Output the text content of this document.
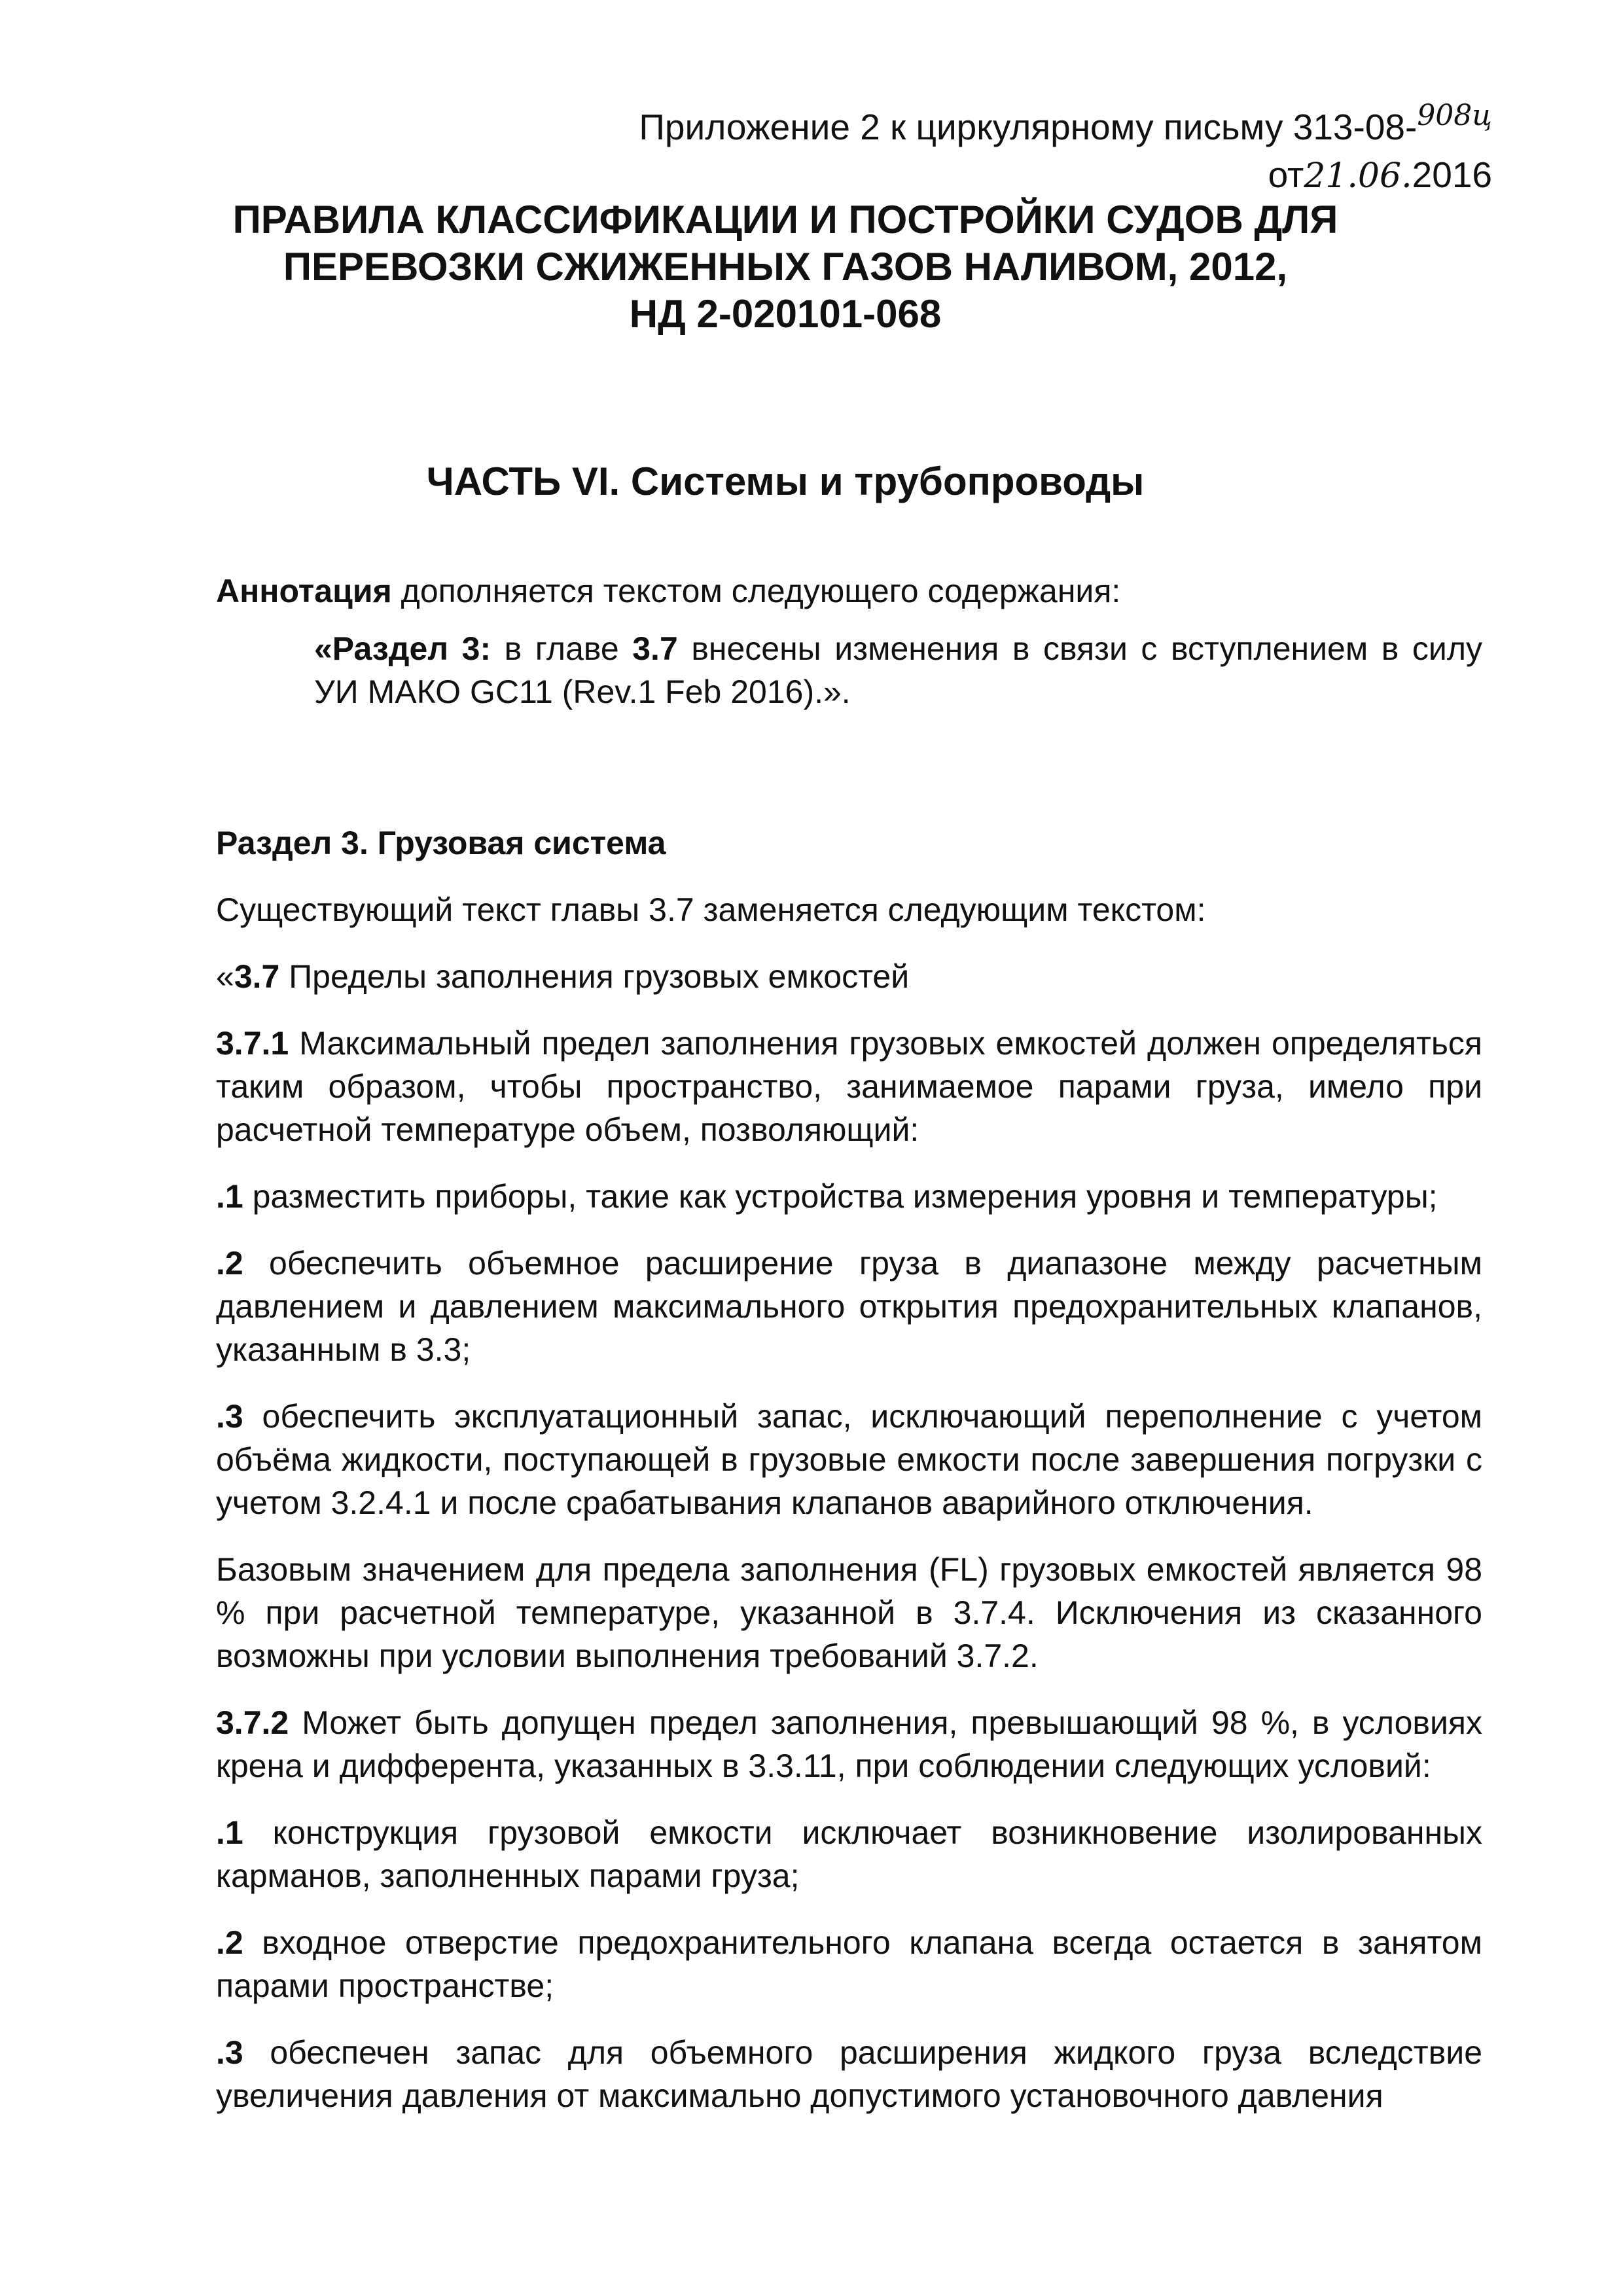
Приложение 2 к циркулярному письму 313-08-$^{908ц}$
от21.06.2016
ПРАВИЛА КЛАССИФИКАЦИИ И ПОСТРОЙКИ СУДОВ ДЛЯ
ПЕРЕВОЗКИ СЖИЖЕННЫХ ГАЗОВ НАЛИВОМ, 2012,
НД 2-020101-068
ЧАСТЬ VI. Системы и трубопроводы

Аннотация дополняется текстом следующего содержания:

«Раздел 3: в главе 3.7 внесены изменения в связи с вступлением в силу УИ МАКО GC11 (Rev.1 Feb 2016).».

Раздел 3. Грузовая система

Существующий текст главы 3.7 заменяется следующим текстом:

«3.7 Пределы заполнения грузовых емкостей

3.7.1 Максимальный предел заполнения грузовых емкостей должен определяться таким образом, чтобы пространство, занимаемое парами груза, имело при расчетной температуре объем, позволяющий:

.1 разместить приборы, такие как устройства измерения уровня и температуры;

.2 обеспечить объемное расширение груза в диапазоне между расчетным давлением и давлением максимального открытия предохранительных клапанов, указанным в 3.3;

.3 обеспечить эксплуатационный запас, исключающий переполнение с учетом объёма жидкости, поступающей в грузовые емкости после завершения погрузки с учетом 3.2.4.1 и после срабатывания клапанов аварийного отключения.

Базовым значением для предела заполнения (FL) грузовых емкостей является 98 % при расчетной температуре, указанной в 3.7.4. Исключения из сказанного возможны при условии выполнения требований 3.7.2.

3.7.2 Может быть допущен предел заполнения, превышающий 98 %, в условиях крена и дифферента, указанных в 3.3.11, при соблюдении следующих условий:

.1 конструкция грузовой емкости исключает возникновение изолированных карманов, заполненных парами груза;

.2 входное отверстие предохранительного клапана всегда остается в занятом парами пространстве;

.3 обеспечен запас для объемного расширения жидкого груза вследствие увеличения давления от максимально допустимого установочного давления
